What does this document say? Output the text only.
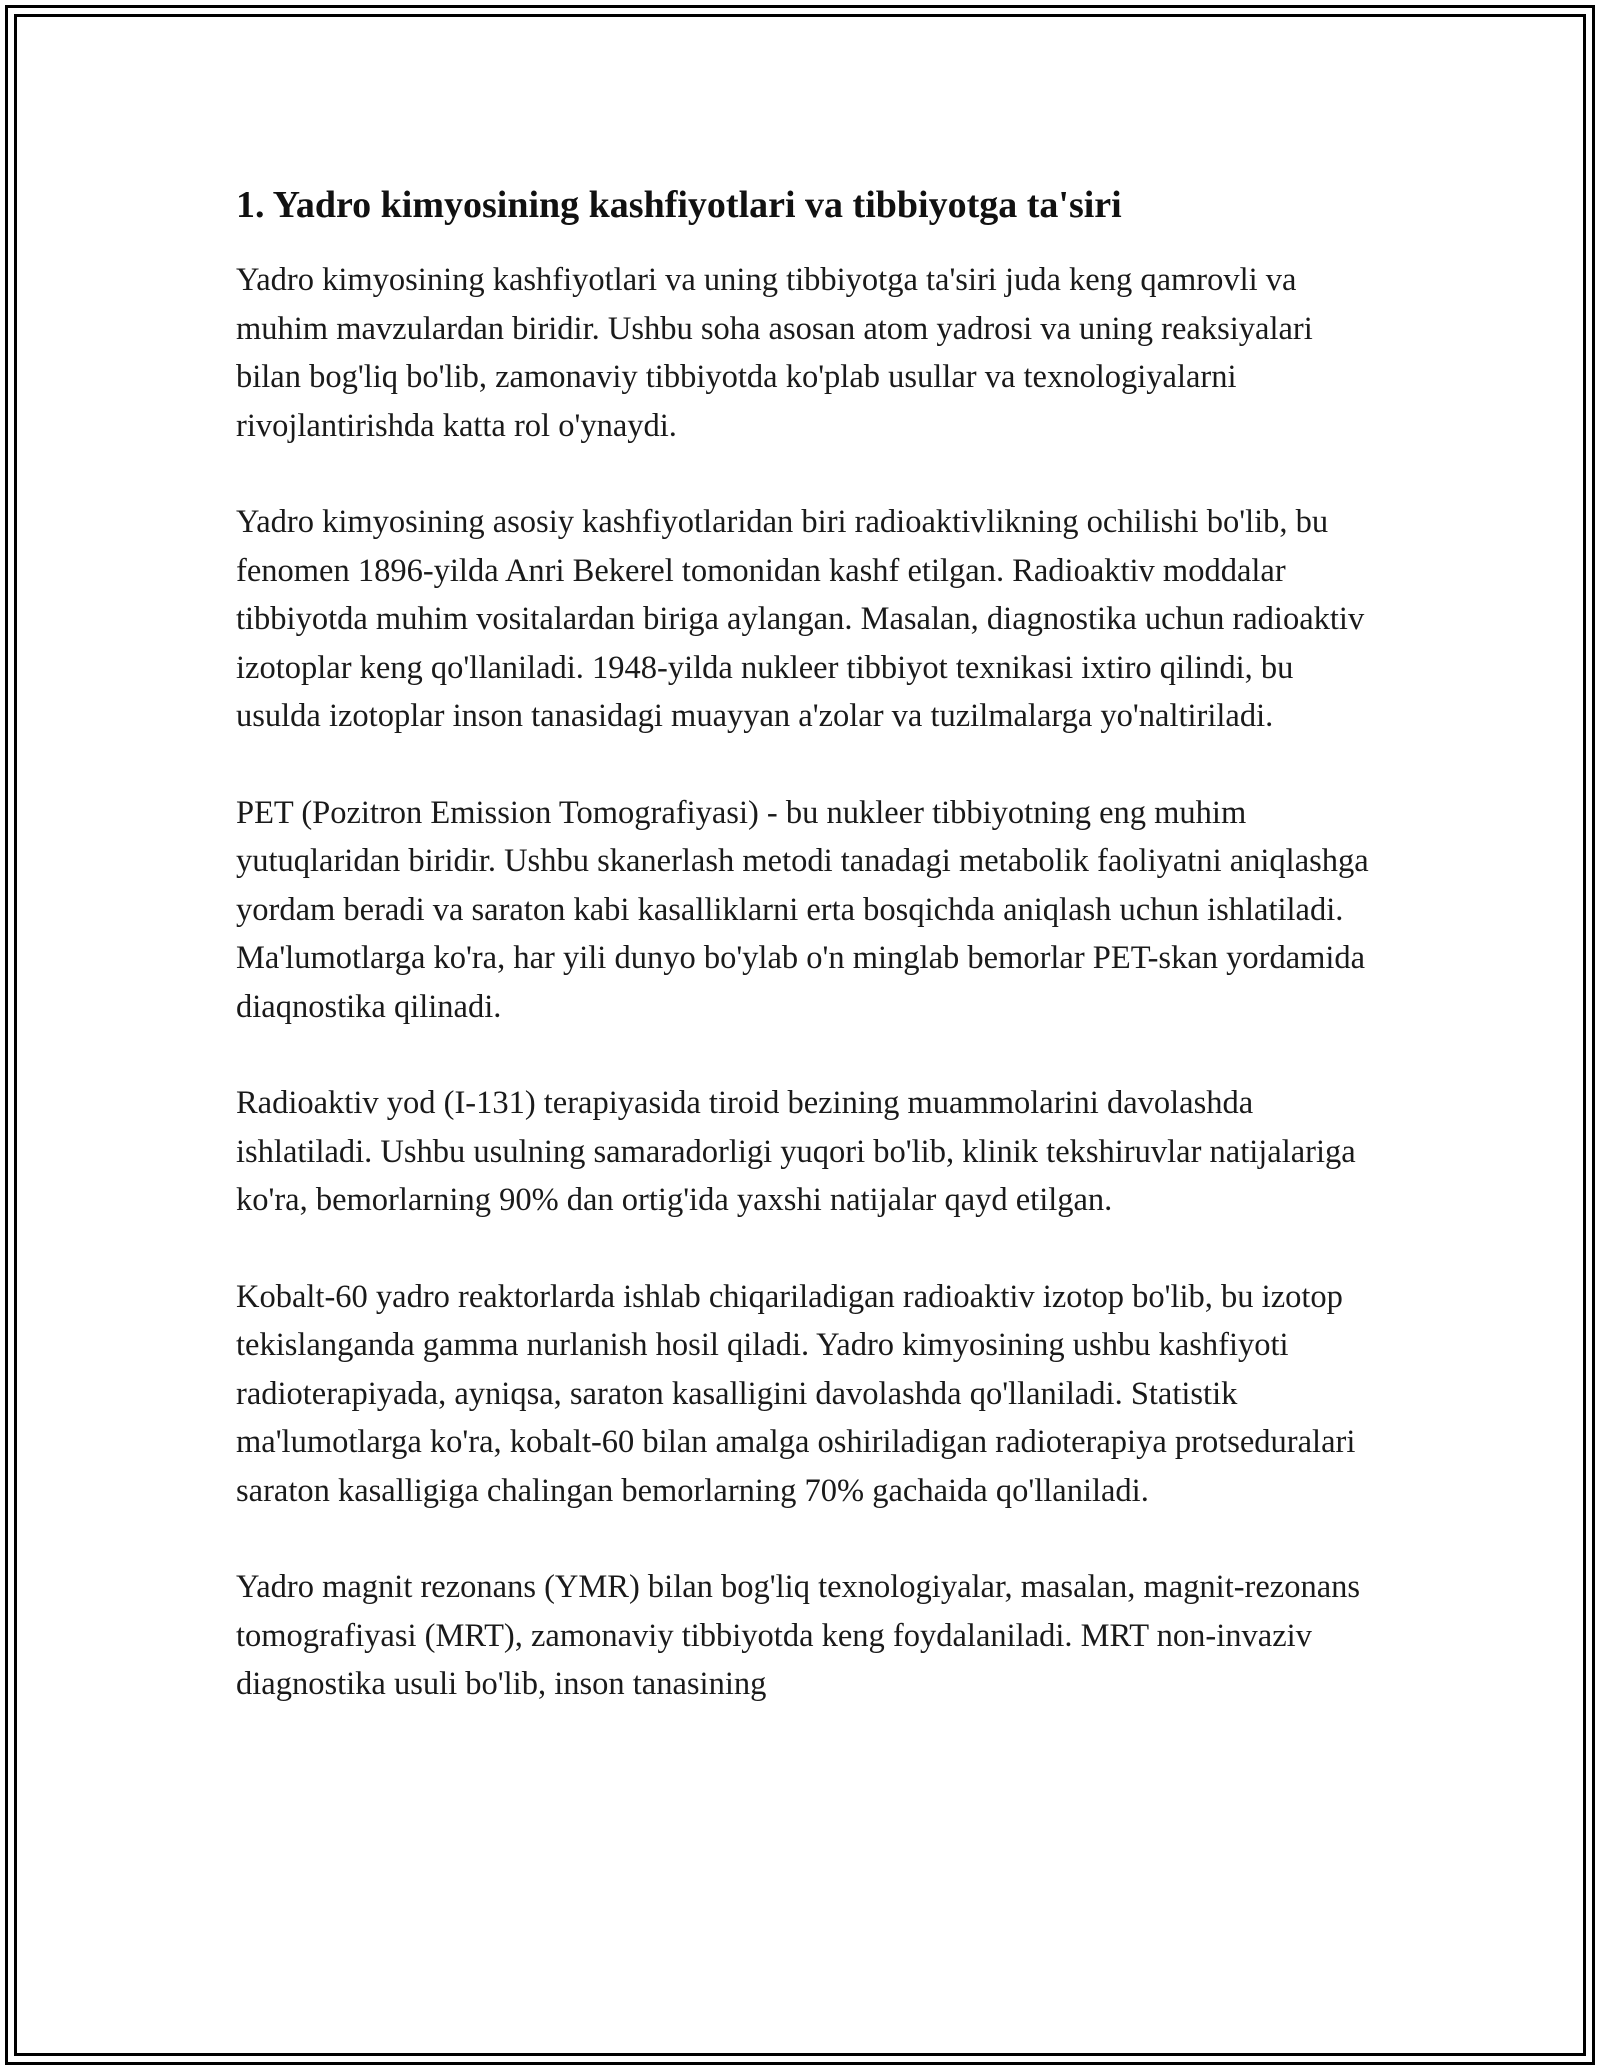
1. Yadro kimyosining kashfiyotlari va tibbiyotga ta'siri

Yadro kimyosining kashfiyotlari va uning tibbiyotga ta'siri juda keng qamrovli va muhim mavzulardan biridir. Ushbu soha asosan atom yadrosi va uning reaksiyalari bilan bog'liq bo'lib, zamonaviy tibbiyotda ko'plab usullar va texnologiyalarni rivojlantirishda katta rol o'ynaydi.

Yadro kimyosining asosiy kashfiyotlaridan biri radioaktivlikning ochilishi bo'lib, bu fenomen 1896-yilda Anri Bekerel tomonidan kashf etilgan. Radioaktiv moddalar tibbiyotda muhim vositalardan biriga aylangan. Masalan, diagnostika uchun radioaktiv izotoplar keng qo'llaniladi. 1948-yilda nukleer tibbiyot texnikasi ixtiro qilindi, bu usulda izotoplar inson tanasidagi muayyan a'zolar va tuzilmalarga yo'naltiriladi.

PET (Pozitron Emission Tomografiyasi) - bu nukleer tibbiyotning eng muhim yutuqlaridan biridir. Ushbu skanerlash metodi tanadagi metabolik faoliyatni aniqlashga yordam beradi va saraton kabi kasalliklarni erta bosqichda aniqlash uchun ishlatiladi. Ma'lumotlarga ko'ra, har yili dunyo bo'ylab o'n minglab bemorlar PET-skan yordamida diaqnostika qilinadi.

Radioaktiv yod (I-131) terapiyasida tiroid bezining muammolarini davolashda ishlatiladi. Ushbu usulning samaradorligi yuqori bo'lib, klinik tekshiruvlar natijalariga ko'ra, bemorlarning 90% dan ortig'ida yaxshi natijalar qayd etilgan.

Kobalt-60 yadro reaktorlarda ishlab chiqariladigan radioaktiv izotop bo'lib, bu izotop tekislanganda gamma nurlanish hosil qiladi. Yadro kimyosining ushbu kashfiyoti radioterapiyada, ayniqsa, saraton kasalligini davolashda qo'llaniladi. Statistik ma'lumotlarga ko'ra, kobalt-60 bilan amalga oshiriladigan radioterapiya protseduralari saraton kasalligiga chalingan bemorlarning 70% gachaida qo'llaniladi.

Yadro magnit rezonans (YMR) bilan bog'liq texnologiyalar, masalan, magnit-rezonans tomografiyasi (MRT), zamonaviy tibbiyotda keng foydalaniladi. MRT non-invaziv diagnostika usuli bo'lib, inson tanasining
